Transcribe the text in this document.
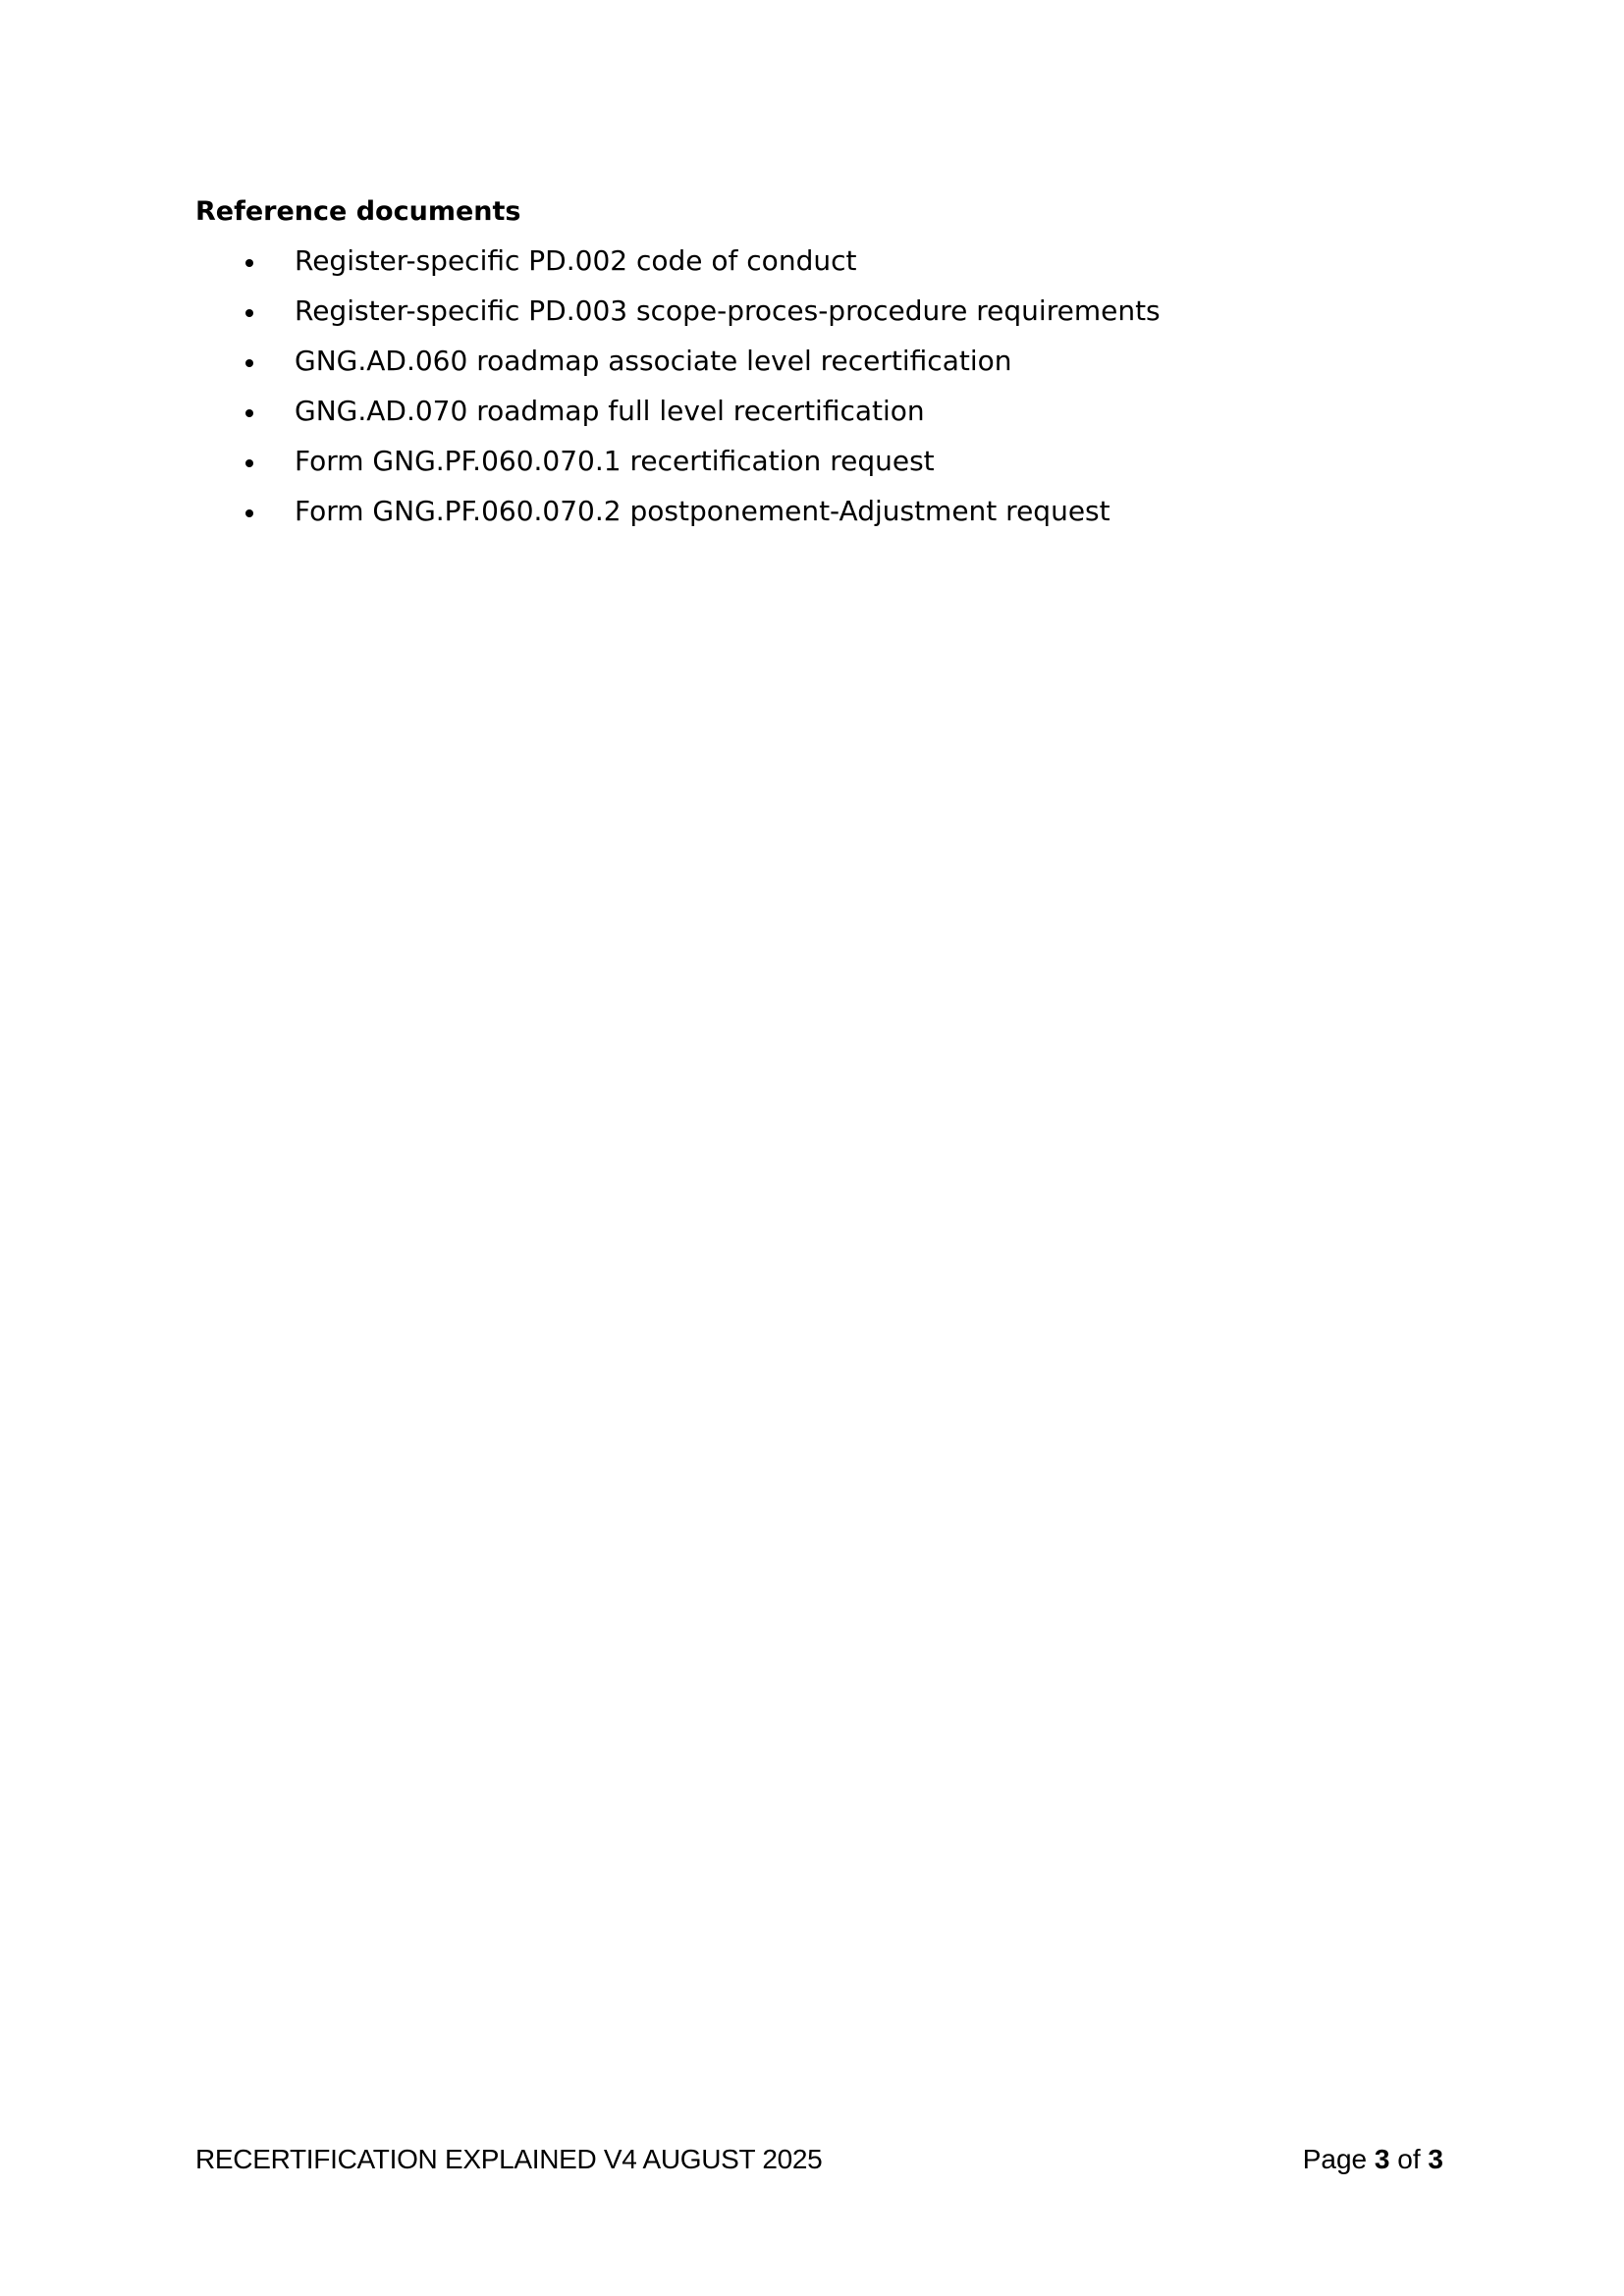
Reference documents
Register-specific PD.002 code of conduct
Register-specific PD.003 scope-proces-procedure requirements
GNG.AD.060 roadmap associate level recertification
GNG.AD.070 roadmap full level recertification
Form GNG.PF.060.070.1 recertification request
Form GNG.PF.060.070.2 postponement-Adjustment request
RECERTIFICATION EXPLAINED V4 AUGUST 2025	Page 3 of 3
